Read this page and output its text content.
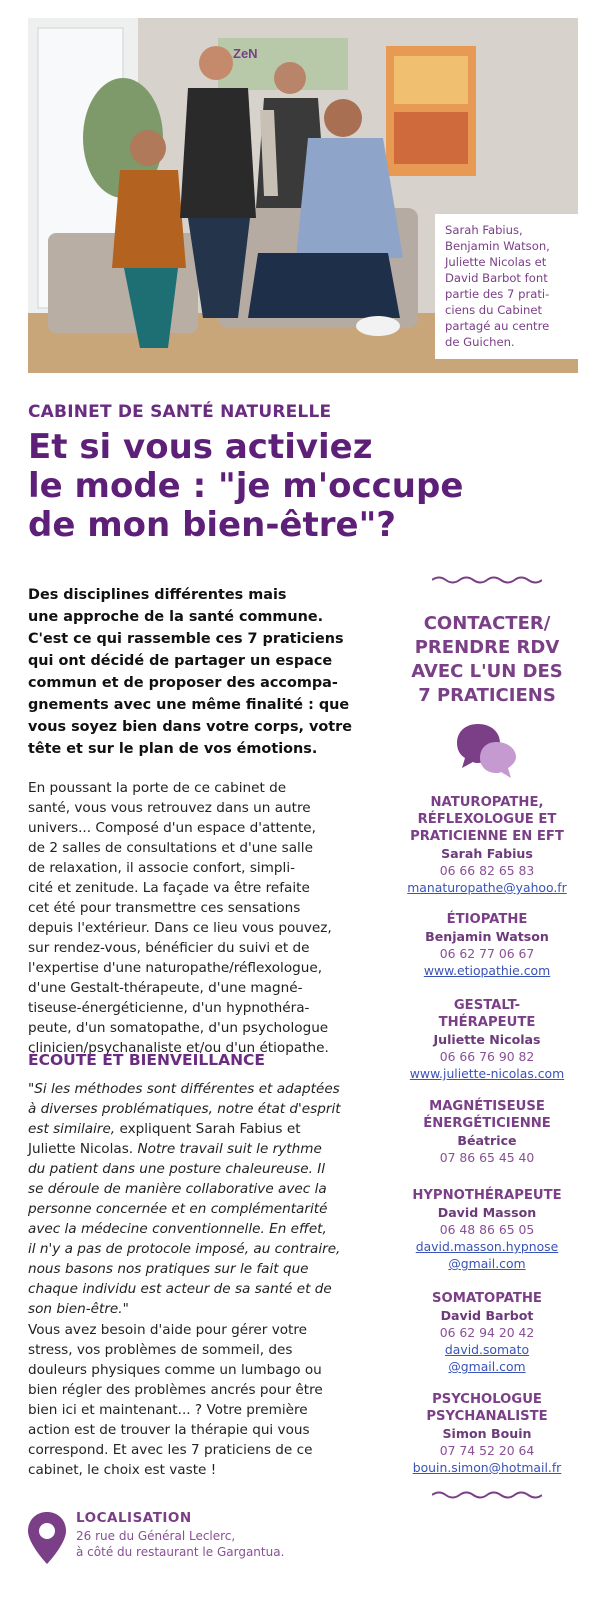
ZeN
Sarah Fabius,
Benjamin Watson,
Juliette Nicolas et
David Barbot font
partie des 7 prati-
ciens du Cabinet
partagé au centre
de Guichen.
CABINET DE SANTÉ NATURELLE
Et si vous activiez
le mode : "je m'occupe
de mon bien-être"?
Des disciplines différentes mais
une approche de la santé commune.
C'est ce qui rassemble ces 7 praticiens
qui ont décidé de partager un espace
commun et de proposer des accompa-
gnements avec une même finalité : que
vous soyez bien dans votre corps, votre
tête et sur le plan de vos émotions.
En poussant la porte de ce cabinet de
santé, vous vous retrouvez dans un autre
univers... Composé d'un espace d'attente,
de 2 salles de consultations et d'une salle
de relaxation, il associe confort, simpli-
cité et zenitude. La façade va être refaite
cet été pour transmettre ces sensations
depuis l'extérieur. Dans ce lieu vous pouvez,
sur rendez-vous, bénéficier du suivi et de
l'expertise d'une naturopathe/réflexologue,
d'une Gestalt-thérapeute, d'une magné-
tiseuse-énergéticienne, d'un hypnothéra-
peute, d'un somatopathe, d'un psychologue
clinicien/psychanaliste et/ou d'un étiopathe.
ÉCOUTE ET BIENVEILLANCE
"Si les méthodes sont différentes et adaptées
à diverses problématiques, notre état d'esprit
est similaire, expliquent Sarah Fabius et
Juliette Nicolas. Notre travail suit le rythme
du patient dans une posture chaleureuse. Il
se déroule de manière collaborative avec la
personne concernée et en complémentarité
avec la médecine conventionnelle. En effet,
il n'y a pas de protocole imposé, au contraire,
nous basons nos pratiques sur le fait que
chaque individu est acteur de sa santé et de
son bien-être."
Vous avez besoin d'aide pour gérer votre
stress, vos problèmes de sommeil, des
douleurs physiques comme un lumbago ou
bien régler des problèmes ancrés pour être
bien ici et maintenant... ? Votre première
action est de trouver la thérapie qui vous
correspond. Et avec les 7 praticiens de ce
cabinet, le choix est vaste !
LOCALISATION
26 rue du Général Leclerc,
à côté du restaurant le Gargantua.
CONTACTER/
PRENDRE RDV
AVEC L'UN DES
7 PRATICIENS
NATUROPATHE,
RÉFLEXOLOGUE ET
PRATICIENNE EN EFT
Sarah Fabius
06 66 82 65 83
manaturopathe@yahoo.fr
ÉTIOPATHE
Benjamin Watson
06 62 77 06 67
www.etiopathie.com
GESTALT-
THÉRAPEUTE
Juliette Nicolas
06 66 76 90 82
www.juliette-nicolas.com
MAGNÉTISEUSE
ÉNERGÉTICIENNE
Béatrice
07 86 65 45 40
HYPNOTHÉRAPEUTE
David Masson
06 48 86 65 05
david.masson.hypnose
@gmail.com
SOMATOPATHE
David Barbot
06 62 94 20 42
david.somato
@gmail.com
PSYCHOLOGUE
PSYCHANALISTE
Simon Bouin
07 74 52 20 64
bouin.simon@hotmail.fr
